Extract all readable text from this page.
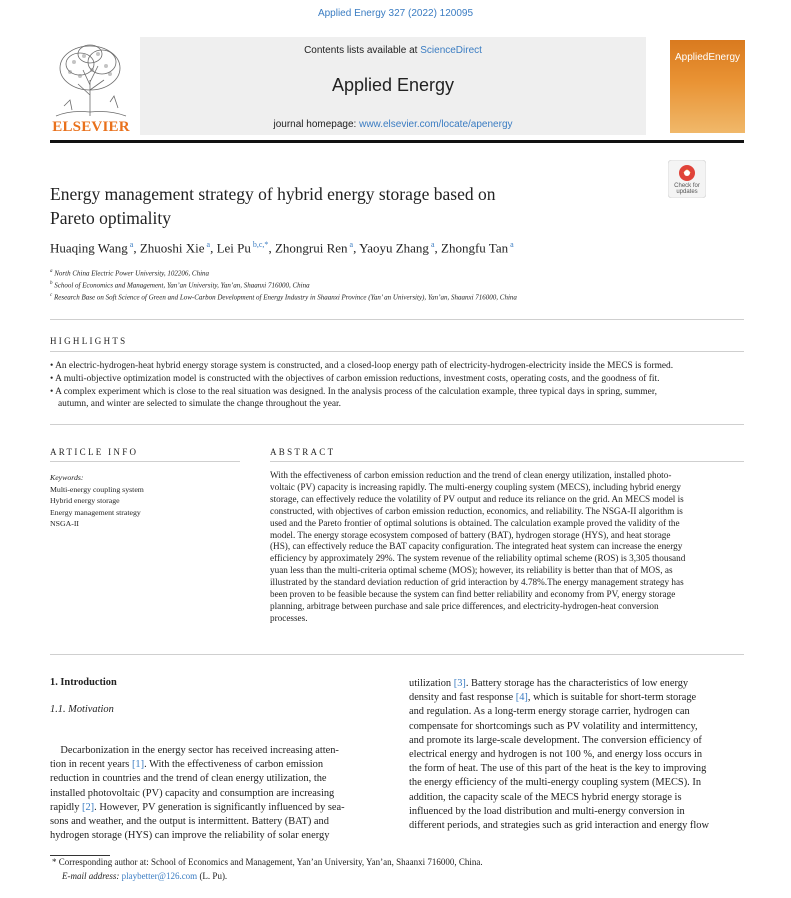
Applied Energy 327 (2022) 120095
ELSEVIER
Contents lists available at ScienceDirect
Applied Energy
journal homepage: www.elsevier.com/locate/apenergy
AppliedEnergy
Energy management strategy of hybrid energy storage based on
Pareto optimality
Check for updates
Huaqing Wang $^a$, Zhuoshi Xie $^a$, Lei Pu $^{b,c,*}$, Zhongrui Ren $^a$, Yaoyu Zhang $^a$, Zhongfu Tan $^a$
$^a$ North China Electric Power University, 102206, China
$^b$ School of Economics and Management, Yan’an University, Yan’an, Shaanxi 716000, China
$^c$ Research Base on Soft Science of Green and Low-Carbon Development of Energy Industry in Shaanxi Province (Yan’ an University), Yan’an, Shaanxi 716000, China
HIGHLIGHTS
• An electric-hydrogen-heat hybrid energy storage system is constructed, and a closed-loop energy path of electricity-hydrogen-electricity inside the MECS is formed.
• A multi-objective optimization model is constructed with the objectives of carbon emission reductions, investment costs, operating costs, and the goodness of fit.
• A complex experiment which is close to the real situation was designed. In the analysis process of the calculation example, three typical days in spring, summer,
autumn, and winter are selected to simulate the change throughout the year.
ARTICLE INFO
Keywords:
Multi-energy coupling system
Hybrid energy storage
Energy management strategy
NSGA-II
ABSTRACT
With the effectiveness of carbon emission reduction and the trend of clean energy utilization, installed photo-
voltaic (PV) capacity is increasing rapidly. The multi-energy coupling system (MECS), including hybrid energy
storage, can effectively reduce the volatility of PV output and reduce its reliance on the grid. An MECS model is
constructed, with objectives of carbon emission reduction, economics, and reliability. The NSGA-II algorithm is
used and the Pareto frontier of optimal solutions is obtained. The calculation example proved the validity of the
model. The energy storage ecosystem composed of battery (BAT), hydrogen storage (HYS), and heat storage
(HS), can effectively reduce the BAT capacity configuration. The integrated heat system can increase the energy
efficiency by approximately 29%. The system revenue of the reliability optimal scheme (ROS) is 3,305 thousand
yuan less than the multi-criteria optimal scheme (MOS); however, its reliability is better than that of MOS, as
illustrated by the standard deviation reduction of grid interaction by 4.78%.The energy management strategy has
been proven to be feasible because the system can find better reliability and economy from PV, energy storage
planning, arbitrage between purchase and sale price differences, and electricity-hydrogen-heat conversion
processes.
1. Introduction
1.1. Motivation
Decarbonization in the energy sector has received increasing atten-
tion in recent years [1]. With the effectiveness of carbon emission
reduction in countries and the trend of clean energy utilization, the
installed photovoltaic (PV) capacity and consumption are increasing
rapidly [2]. However, PV generation is significantly influenced by sea-
sons and weather, and the output is intermittent. Battery (BAT) and
hydrogen storage (HYS) can improve the reliability of solar energy
utilization [3]. Battery storage has the characteristics of low energy
density and fast response [4], which is suitable for short-term storage
and regulation. As a long-term energy storage carrier, hydrogen can
compensate for shortcomings such as PV volatility and intermittency,
and promote its large-scale development. The conversion efficiency of
electrical energy and hydrogen is not 100 %, and energy loss occurs in
the form of heat. The use of this part of the heat is the key to improving
the energy efficiency of the multi-energy coupling system (MECS). In
addition, the capacity scale of the MECS hybrid energy storage is
influenced by the load distribution and multi-energy conversion in
different periods, and strategies such as grid interaction and energy flow
* Corresponding author at: School of Economics and Management, Yan’an University, Yan’an, Shaanxi 716000, China.
E-mail address: playbetter@126.com (L. Pu).
